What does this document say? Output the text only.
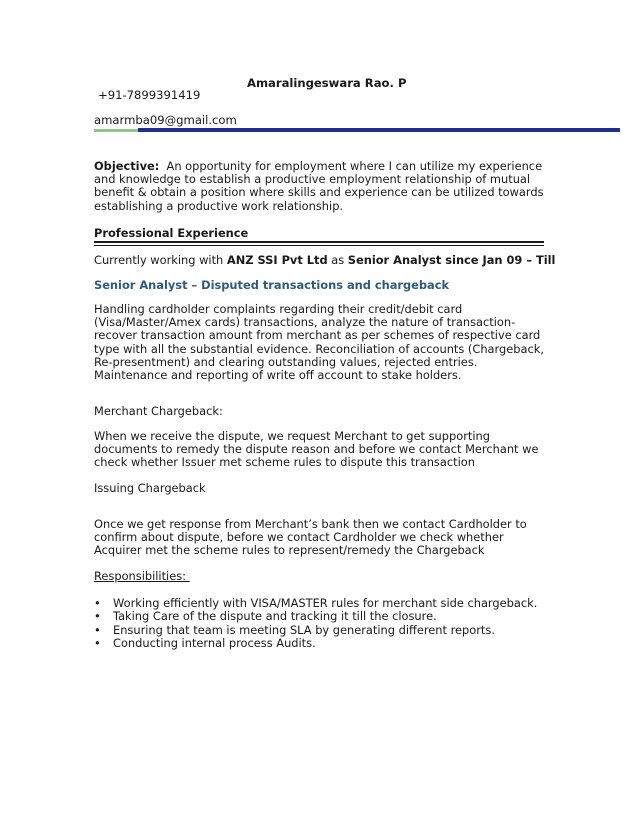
Amaralingeswara Rao. P
+91-7899391419
amarmba09@gmail.com
Objective:  An opportunity for employment where I can utilize my experience and knowledge to establish a productive employment relationship of mutual benefit & obtain a position where skills and experience can be utilized towards establishing a productive work relationship.
Professional Experience
Currently working with ANZ SSI Pvt Ltd as Senior Analyst since Jan 09 – Till
Senior Analyst – Disputed transactions and chargeback
Handling cardholder complaints regarding their credit/debit card (Visa/Master/Amex cards) transactions, analyze the nature of transaction- recover transaction amount from merchant as per schemes of respective card type with all the substantial evidence. Reconciliation of accounts (Chargeback, Re-presentment) and clearing outstanding values, rejected entries. Maintenance and reporting of write off account to stake holders.
Merchant Chargeback:
When we receive the dispute, we request Merchant to get supporting documents to remedy the dispute reason and before we contact Merchant we check whether Issuer met scheme rules to dispute this transaction
Issuing Chargeback
Once we get response from Merchant’s bank then we contact Cardholder to confirm about dispute, before we contact Cardholder we check whether Acquirer met the scheme rules to represent/remedy the Chargeback
Responsibilities:
• Working efficiently with VISA/MASTER rules for merchant side chargeback.
• Taking Care of the dispute and tracking it till the closure.
• Ensuring that team is meeting SLA by generating different reports.
• Conducting internal process Audits.
